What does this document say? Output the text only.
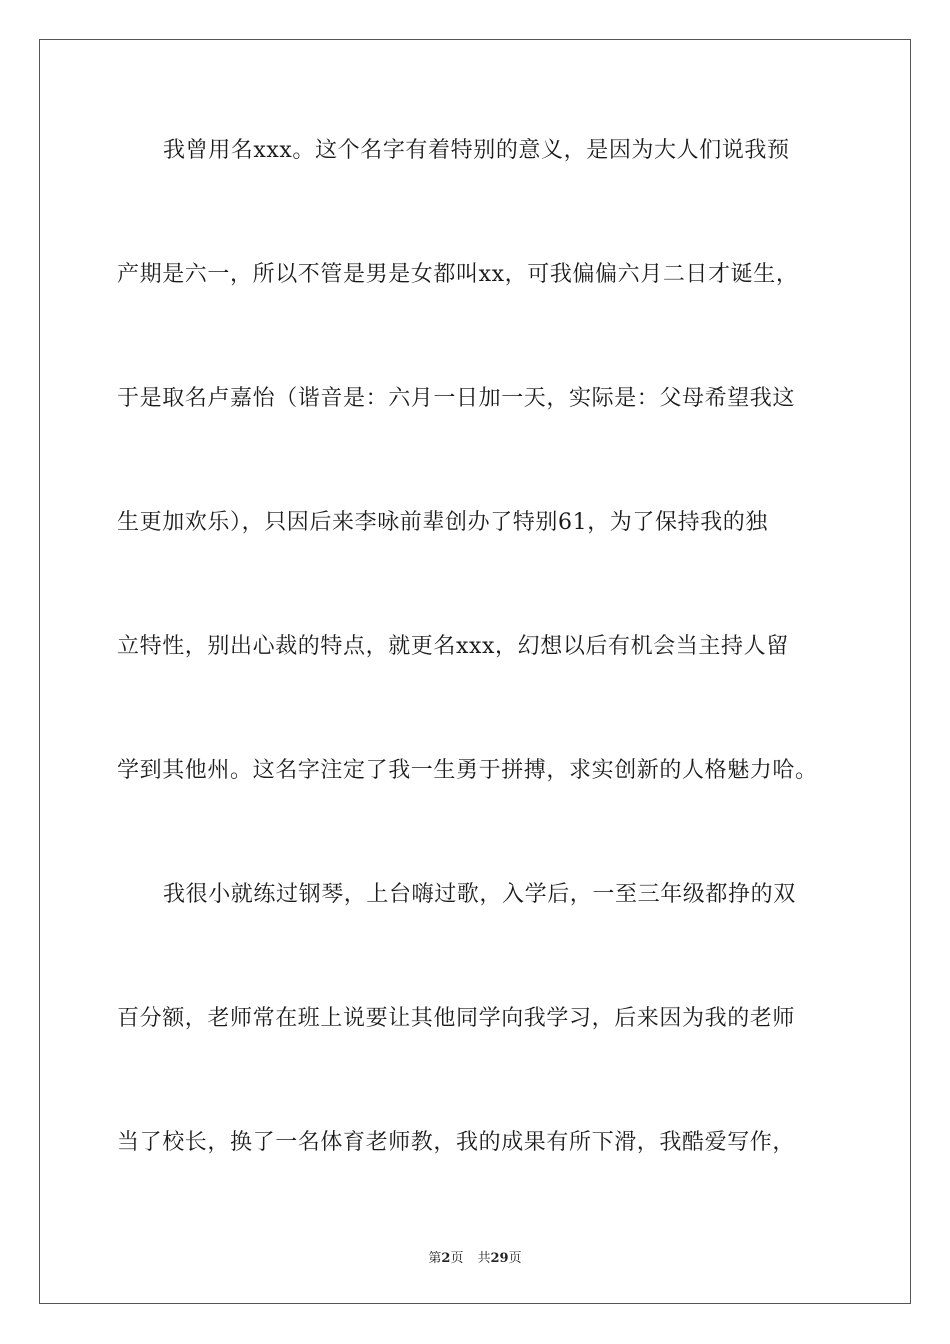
我曾用名xxx。这个名字有着特别的意义，是因为大人们说我预
产期是六一，所以不管是男是女都叫xx，可我偏偏六月二日才诞生，
于是取名卢嘉怡（谐音是：六月一日加一天，实际是：父母希望我这
生更加欢乐），只因后来李咏前辈创办了特别61，为了保持我的独
立特性，别出心裁的特点，就更名xxx，幻想以后有机会当主持人留
学到其他州。这名字注定了我一生勇于拼搏，求实创新的人格魅力哈。
我很小就练过钢琴，上台嗨过歌，入学后，一至三年级都挣的双
百分额，老师常在班上说要让其他同学向我学习，后来因为我的老师
当了校长，换了一名体育老师教，我的成果有所下滑，我酷爱写作，
第2页 共29页
